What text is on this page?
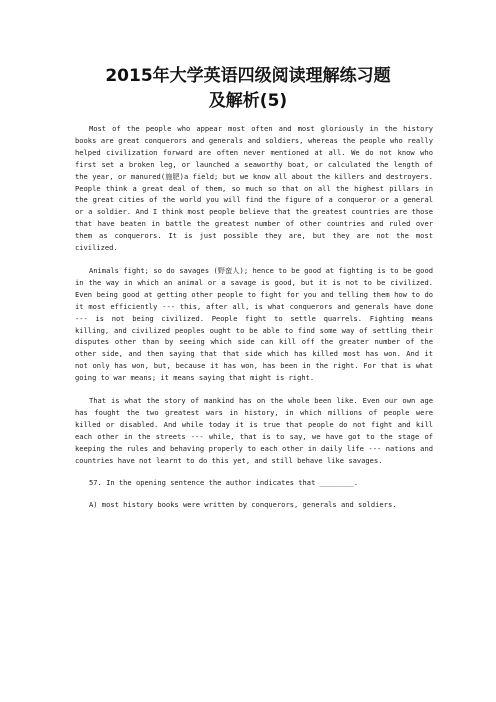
2015年大学英语四级阅读理解练习题
及解析(5)

Most of the people who appear most often and most gloriously in the history books are great conquerors and generals and soldiers, whereas the people who really helped civilization forward are often never mentioned at all. We do not know who first set a broken leg, or launched a seaworthy boat, or calculated the length of the year, or manured(施肥)a field; but we know all about the killers and destroyers. People think a great deal of them, so much so that on all the highest pillars in the great cities of the world you will find the figure of a conqueror or a general or a soldier. And I think most people believe that the greatest countries are those that have beaten in battle the greatest number of other countries and ruled over them as conquerors. It is just possible they are, but they are not the most civilized.

Animals fight; so do savages (野蛮人); hence to be good at fighting is to be good in the way in which an animal or a savage is good, but it is not to be civilized. Even being good at getting other people to fight for you and telling them how to do it most efficiently --- this, after all, is what conquerors and generals have done --- is not being civilized. People fight to settle quarrels. Fighting means killing, and civilized peoples ought to be able to find some way of settling their disputes other than by seeing which side can kill off the greater number of the other side, and then saying that that side which has killed most has won. And it not only has won, but, because it has won, has been in the right. For that is what going to war means; it means saying that might is right.

That is what the story of mankind has on the whole been like. Even our own age has fought the two greatest wars in history, in which millions of people were killed or disabled. And while today it is true that people do not fight and kill each other in the streets --- while, that is to say, we have got to the stage of keeping the rules and behaving properly to each other in daily life --- nations and countries have not learnt to do this yet, and still behave like savages.

57. In the opening sentence the author indicates that ________.

A) most history books were written by conquerors, generals and soldiers.
